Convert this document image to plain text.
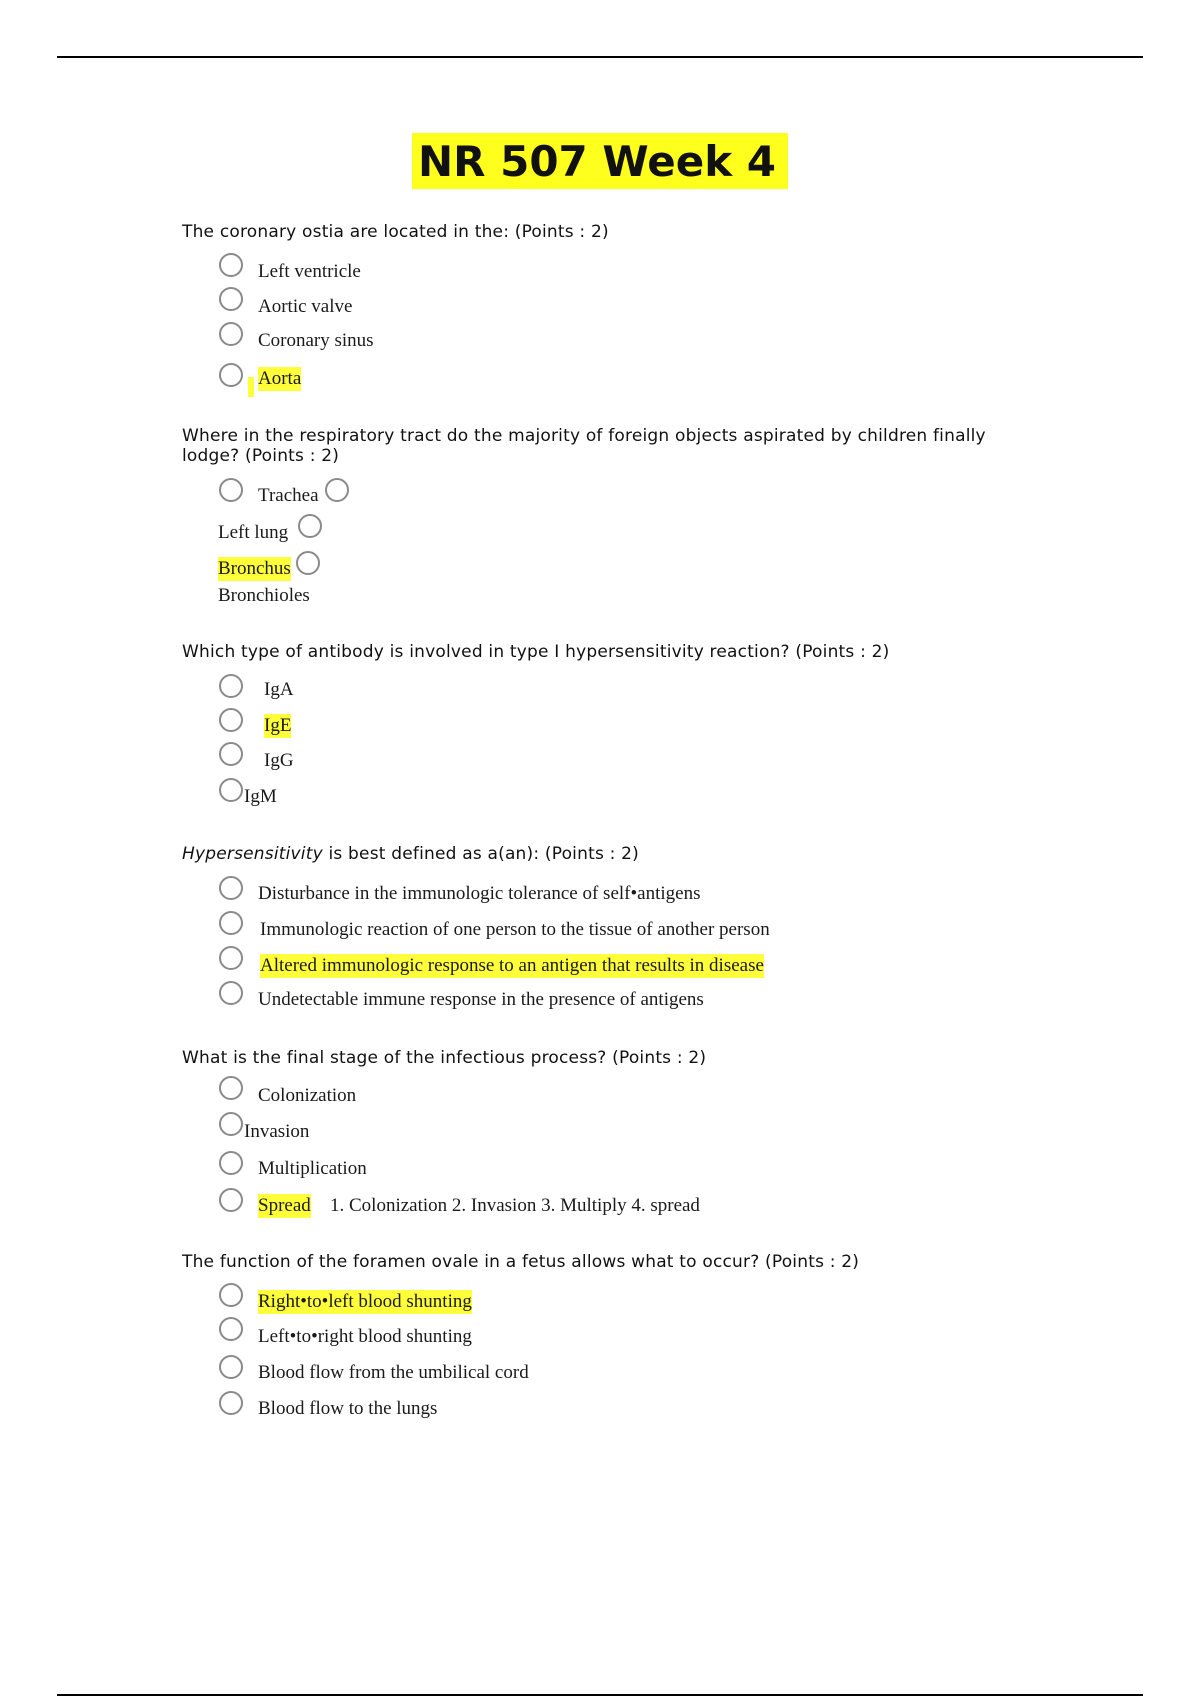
NR 507 Week 4
The coronary ostia are located in the: (Points : 2)
Left ventricle
Aortic valve
Coronary sinus
Aorta
Where in the respiratory tract do the majority of foreign objects aspirated by children finally lodge? (Points : 2)
Trachea
Left lung
Bronchus
Bronchioles
Which type of antibody is involved in type I hypersensitivity reaction? (Points : 2)
IgA
IgE
IgG
IgM
Hypersensitivity is best defined as a(an): (Points : 2)
Disturbance in the immunologic tolerance of self•antigens
Immunologic reaction of one person to the tissue of another person
Altered immunologic response to an antigen that results in disease
Undetectable immune response in the presence of antigens
What is the final stage of the infectious process? (Points : 2)
Colonization
Invasion
Multiplication
Spread 1. Colonization 2. Invasion 3. Multiply 4. spread
The function of the foramen ovale in a fetus allows what to occur? (Points : 2)
Right•to•left blood shunting
Left•to•right blood shunting
Blood flow from the umbilical cord
Blood flow to the lungs
